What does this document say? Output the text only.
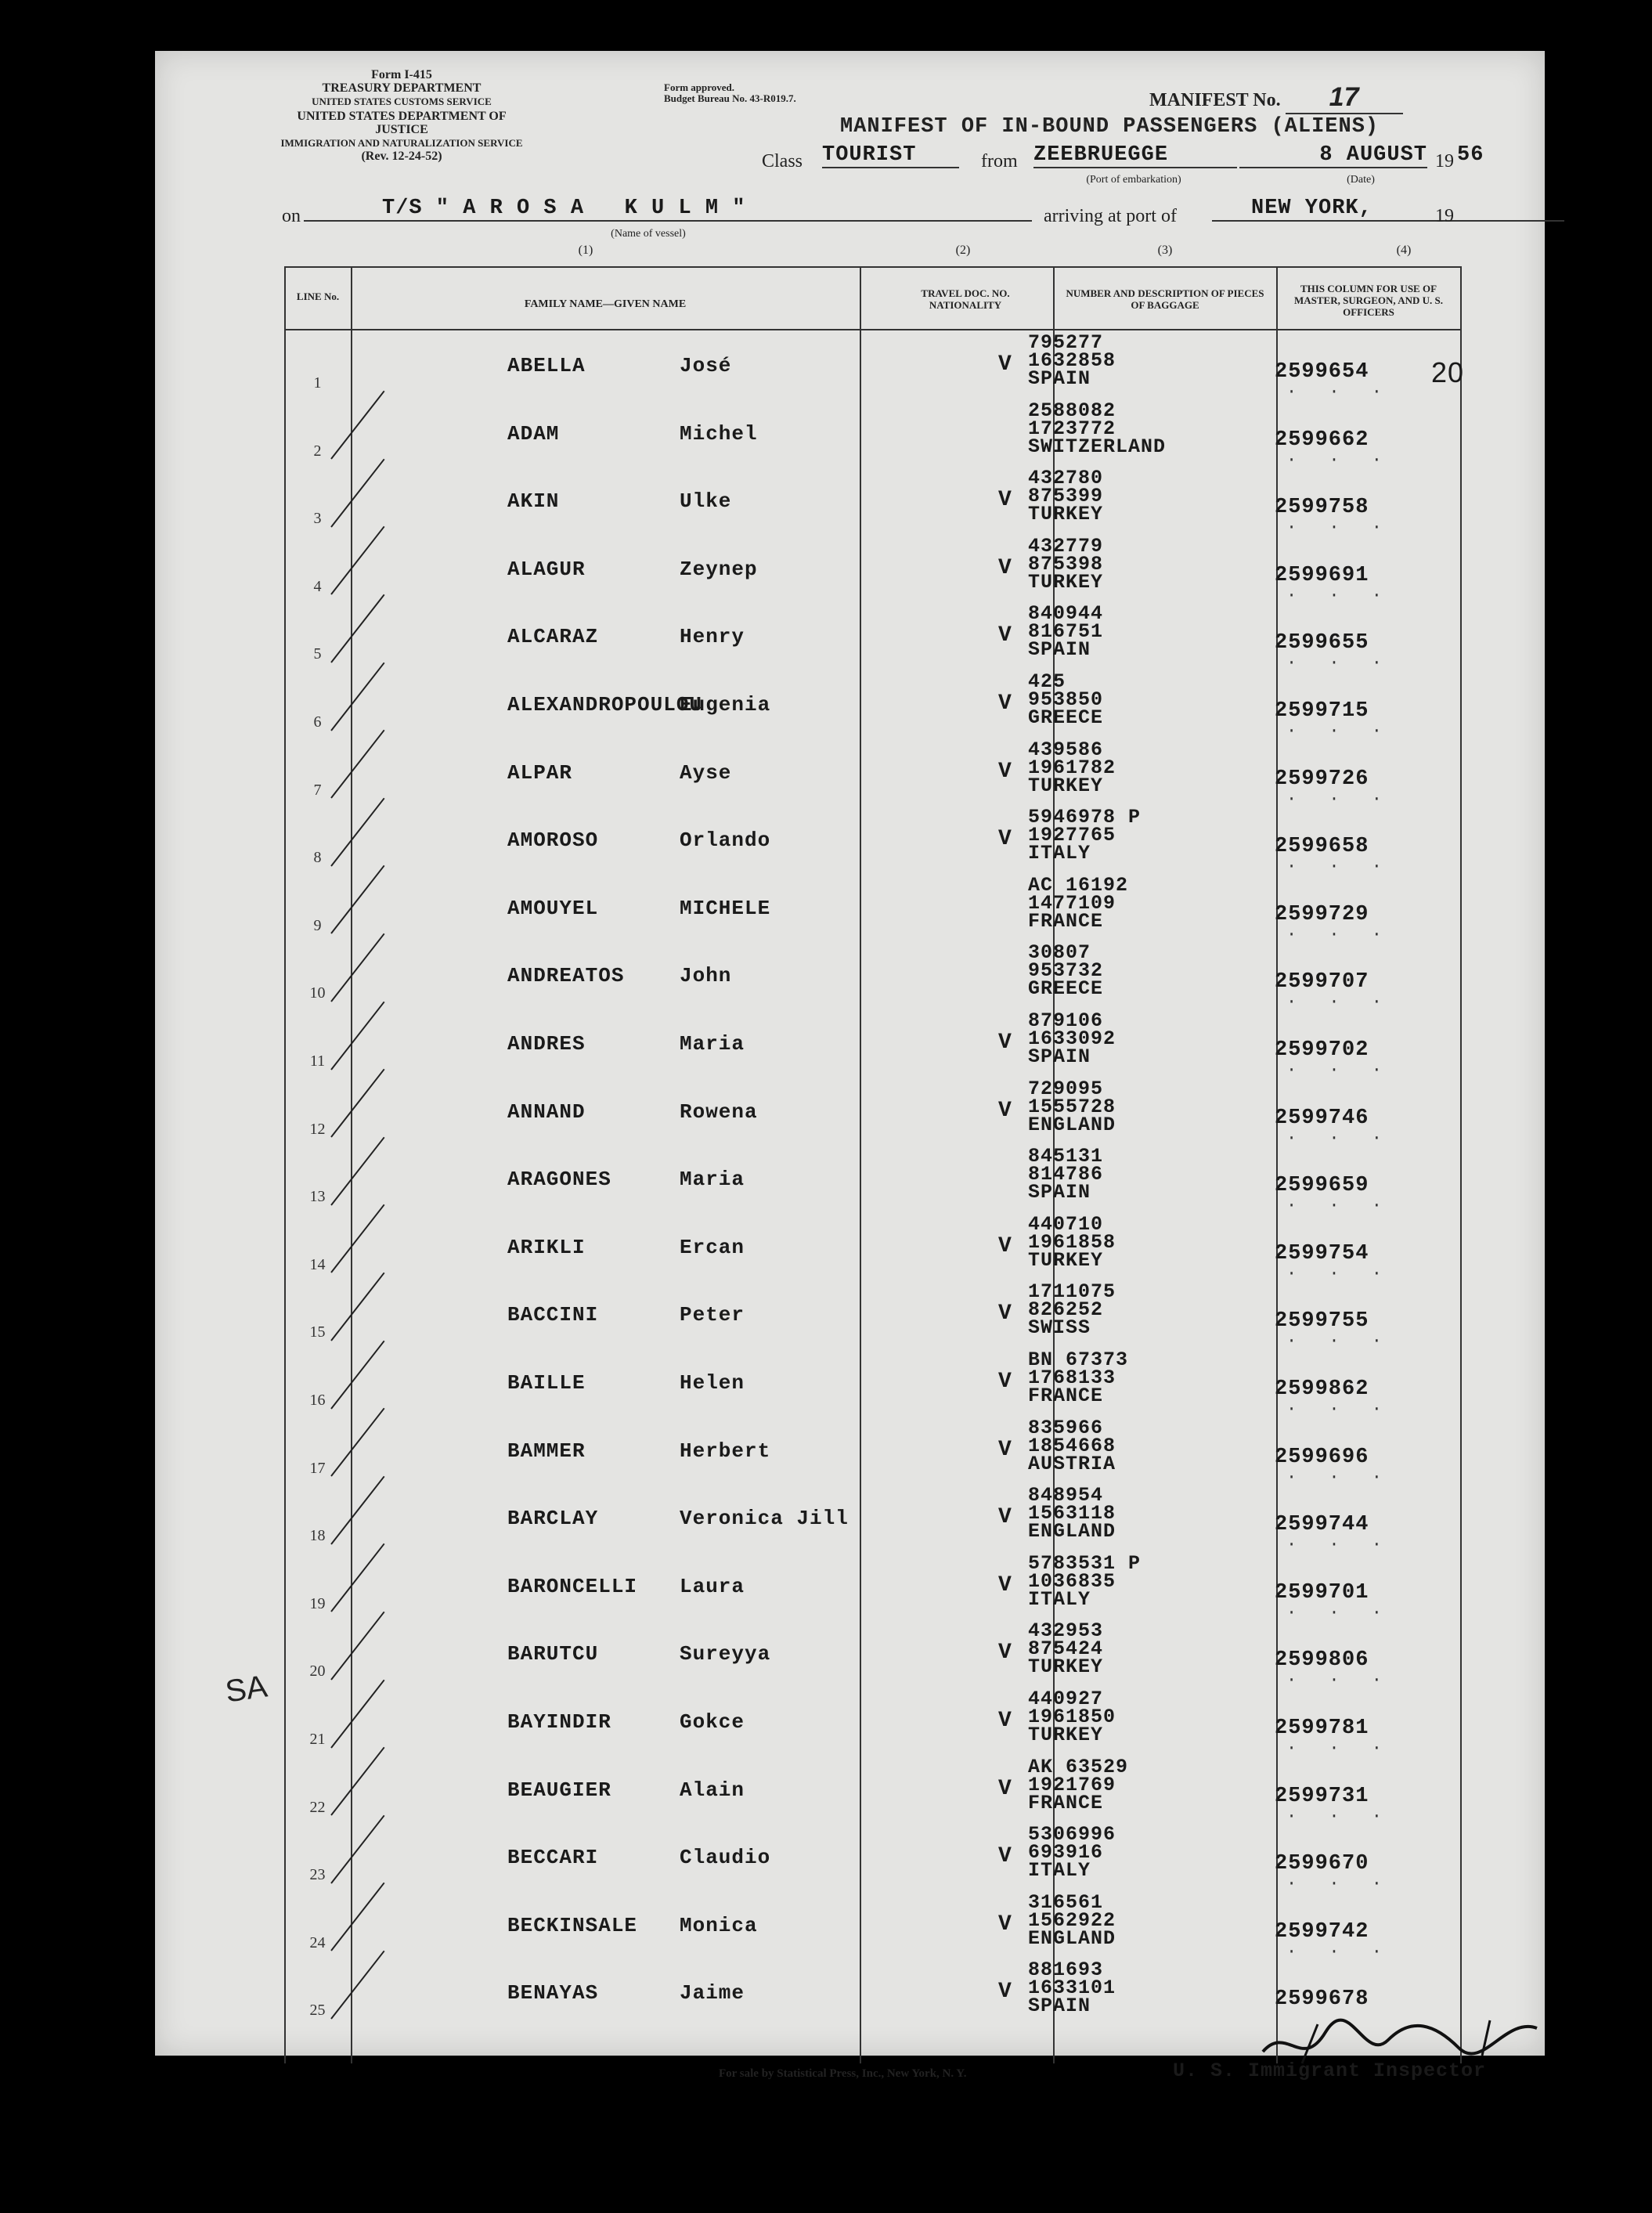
Form I-415
TREASURY DEPARTMENT
UNITED STATES CUSTOMS SERVICE
UNITED STATES DEPARTMENT OF JUSTICE
IMMIGRATION AND NATURALIZATION SERVICE
(Rev. 12-24-52)
Form approved.
Budget Bureau No. 43-R019.7.	MANIFEST No. 17
MANIFEST OF IN-BOUND PASSENGERS (ALIENS)
Class TOURIST	from ZEEBRUEGGE
(Port of embarkation)
8 AUGUST
(Date)
19 56
on	T/S " A R O S A   K U L M "
(Name of vessel)
arriving at port of	NEW YORK,	19
(1)	(2)	(3)	(4)
LINE No.
FAMILY NAME—GIVEN NAME
TRAVEL DOC. NO. NATIONALITY
NUMBER AND DESCRIPTION OF PIECES OF BAGGAGE
THIS COLUMN FOR USE OF MASTER, SURGEON, AND U. S. OFFICERS
20
SA
1
ABELLA	José	V
795277
1632858
SPAIN	2599654
· · ·
2
ADAM	Michel
2588082
1723772
SWITZERLAND	2599662
· · ·
3
AKIN	Ulke	V
432780
875399
TURKEY	2599758
· · ·
4
ALAGUR	Zeynep	V
432779
875398
TURKEY	2599691
· · ·
5
ALCARAZ	Henry	V
840944
816751
SPAIN	2599655
· · ·
6
ALEXANDROPOULOU
Eugenia	V
425
953850
GREECE	2599715
· · ·
7
ALPAR	Ayse	V
439586
1961782
TURKEY	2599726
· · ·
8
AMOROSO	Orlando	V
5946978 P
1927765
ITALY	2599658
· · ·
9
AMOUYEL	MICHELE
AC 16192
1477109
FRANCE	2599729
· · ·
10
ANDREATOS	John
30807
953732
GREECE	2599707
· · ·
11
ANDRES	Maria	V
879106
1633092
SPAIN	2599702
· · ·
12
ANNAND	Rowena	V
729095
1555728
ENGLAND	2599746
· · ·
13
ARAGONES	Maria
845131
814786
SPAIN	2599659
· · ·
14
ARIKLI	Ercan	V
440710
1961858
TURKEY	2599754
· · ·
15
BACCINI	Peter	V
1711075
826252
SWISS	2599755
· · ·
16
BAILLE	Helen	V
BN 67373
1768133
FRANCE	2599862
· · ·
17
BAMMER	Herbert	V
835966
1854668
AUSTRIA	2599696
· · ·
18
BARCLAY	Veronica Jill	V
848954
1563118
ENGLAND	2599744
· · ·
19
BARONCELLI Laura	V
5783531 P
1036835
ITALY	2599701
· · ·
20
BARUTCU	Sureyya	V
432953
875424
TURKEY	2599806
· · ·
21
BAYINDIR	Gokce	V
440927
1961850
TURKEY	2599781
· · ·
22
BEAUGIER	Alain	V
AK 63529
1921769
FRANCE	2599731
· · ·
23
BECCARI	Claudio	V
5306996
693916
ITALY	2599670
· · ·
24
BECKINSALE Monica	V
316561
1562922
ENGLAND	2599742
· · ·
25
BENAYAS	Jaime	V
881693
1633101
SPAIN	2599678
For sale by Statistical Press, Inc., New York, N. Y.	U. S. Immigrant Inspector
